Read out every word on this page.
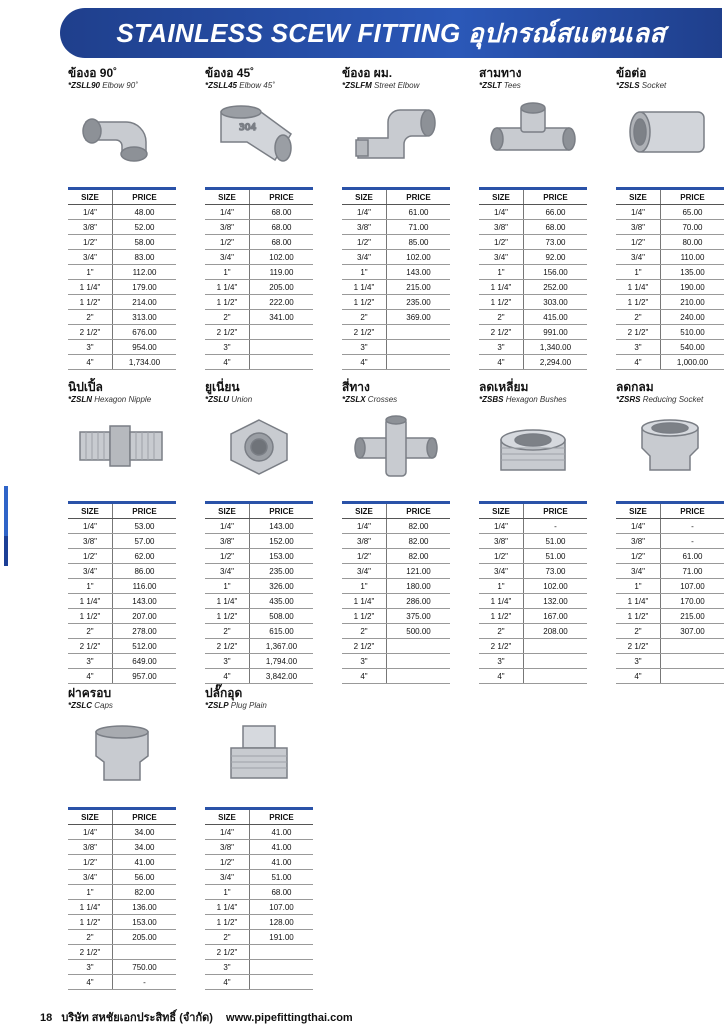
STAINLESS SCEW FITTING อุปกรณ์สแตนเลส
ข้องอ 90˚
*ZSLL90 Elbow 90˚
SIZE	PRICE
1/4"	48.00
3/8"	52.00
1/2"	58.00
3/4"	83.00
1"	112.00
1 1/4"	179.00
1 1/2"	214.00
2"	313.00
2 1/2"	676.00
3"	954.00
4"	1,734.00
ข้องอ 45˚
*ZSLL45 Elbow 45˚
304
SIZE	PRICE
1/4"	68.00
3/8"	68.00
1/2"	68.00
3/4"	102.00
1"	119.00
1 1/4"	205.00
1 1/2"	222.00
2"	341.00
2 1/2"	
3"	
4"	
ข้องอ ผม.
*ZSLFM Street Elbow
SIZE	PRICE
1/4"	61.00
3/8"	71.00
1/2"	85.00
3/4"	102.00
1"	143.00
1 1/4"	215.00
1 1/2"	235.00
2"	369.00
2 1/2"	
3"	
4"	
สามทาง
*ZSLT Tees
SIZE	PRICE
1/4"	66.00
3/8"	68.00
1/2"	73.00
3/4"	92.00
1"	156.00
1 1/4"	252.00
1 1/2"	303.00
2"	415.00
2 1/2"	991.00
3"	1,340.00
4"	2,294.00
ข้อต่อ
*ZSLS Socket
SIZE	PRICE
1/4"	65.00
3/8"	70.00
1/2"	80.00
3/4"	110.00
1"	135.00
1 1/4"	190.00
1 1/2"	210.00
2"	240.00
2 1/2"	510.00
3"	540.00
4"	1,000.00
นิปเปิ้ล
*ZSLN Hexagon Nipple
SIZE	PRICE
1/4"	53.00
3/8"	57.00
1/2"	62.00
3/4"	86.00
1"	116.00
1 1/4"	143.00
1 1/2"	207.00
2"	278.00
2 1/2"	512.00
3"	649.00
4"	957.00
ยูเนี่ยน
*ZSLU Union
SIZE	PRICE
1/4"	143.00
3/8"	152.00
1/2"	153.00
3/4"	235.00
1"	326.00
1 1/4"	435.00
1 1/2"	508.00
2"	615.00
2 1/2"	1,367.00
3"	1,794.00
4"	3,842.00
สี่ทาง
*ZSLX Crosses
SIZE	PRICE
1/4"	82.00
3/8"	82.00
1/2"	82.00
3/4"	121.00
1"	180.00
1 1/4"	286.00
1 1/2"	375.00
2"	500.00
2 1/2"	
3"	
4"	
ลดเหลี่ยม
*ZSBS Hexagon Bushes
SIZE	PRICE
1/4"	-
3/8"	51.00
1/2"	51.00
3/4"	73.00
1"	102.00
1 1/4"	132.00
1 1/2"	167.00
2"	208.00
2 1/2"	
3"	
4"	
ลดกลม
*ZSRS Reducing Socket
SIZE	PRICE
1/4"	-
3/8"	-
1/2"	61.00
3/4"	71.00
1"	107.00
1 1/4"	170.00
1 1/2"	215.00
2"	307.00
2 1/2"	
3"	
4"	
ฝาครอบ
*ZSLC Caps
SIZE	PRICE
1/4"	34.00
3/8"	34.00
1/2"	41.00
3/4"	56.00
1"	82.00
1 1/4"	136.00
1 1/2"	153.00
2"	205.00
2 1/2"	
3"	750.00
4"	-
ปลั๊กอุด
*ZSLP Plug Plain
SIZE	PRICE
1/4"	41.00
3/8"	41.00
1/2"	41.00
3/4"	51.00
1"	68.00
1 1/4"	107.00
1 1/2"	128.00
2"	191.00
2 1/2"	
3"	
4"	
18 บริษัท สหชัยเอกประสิทธิ์ (จำกัด) www.pipefittingthai.com
